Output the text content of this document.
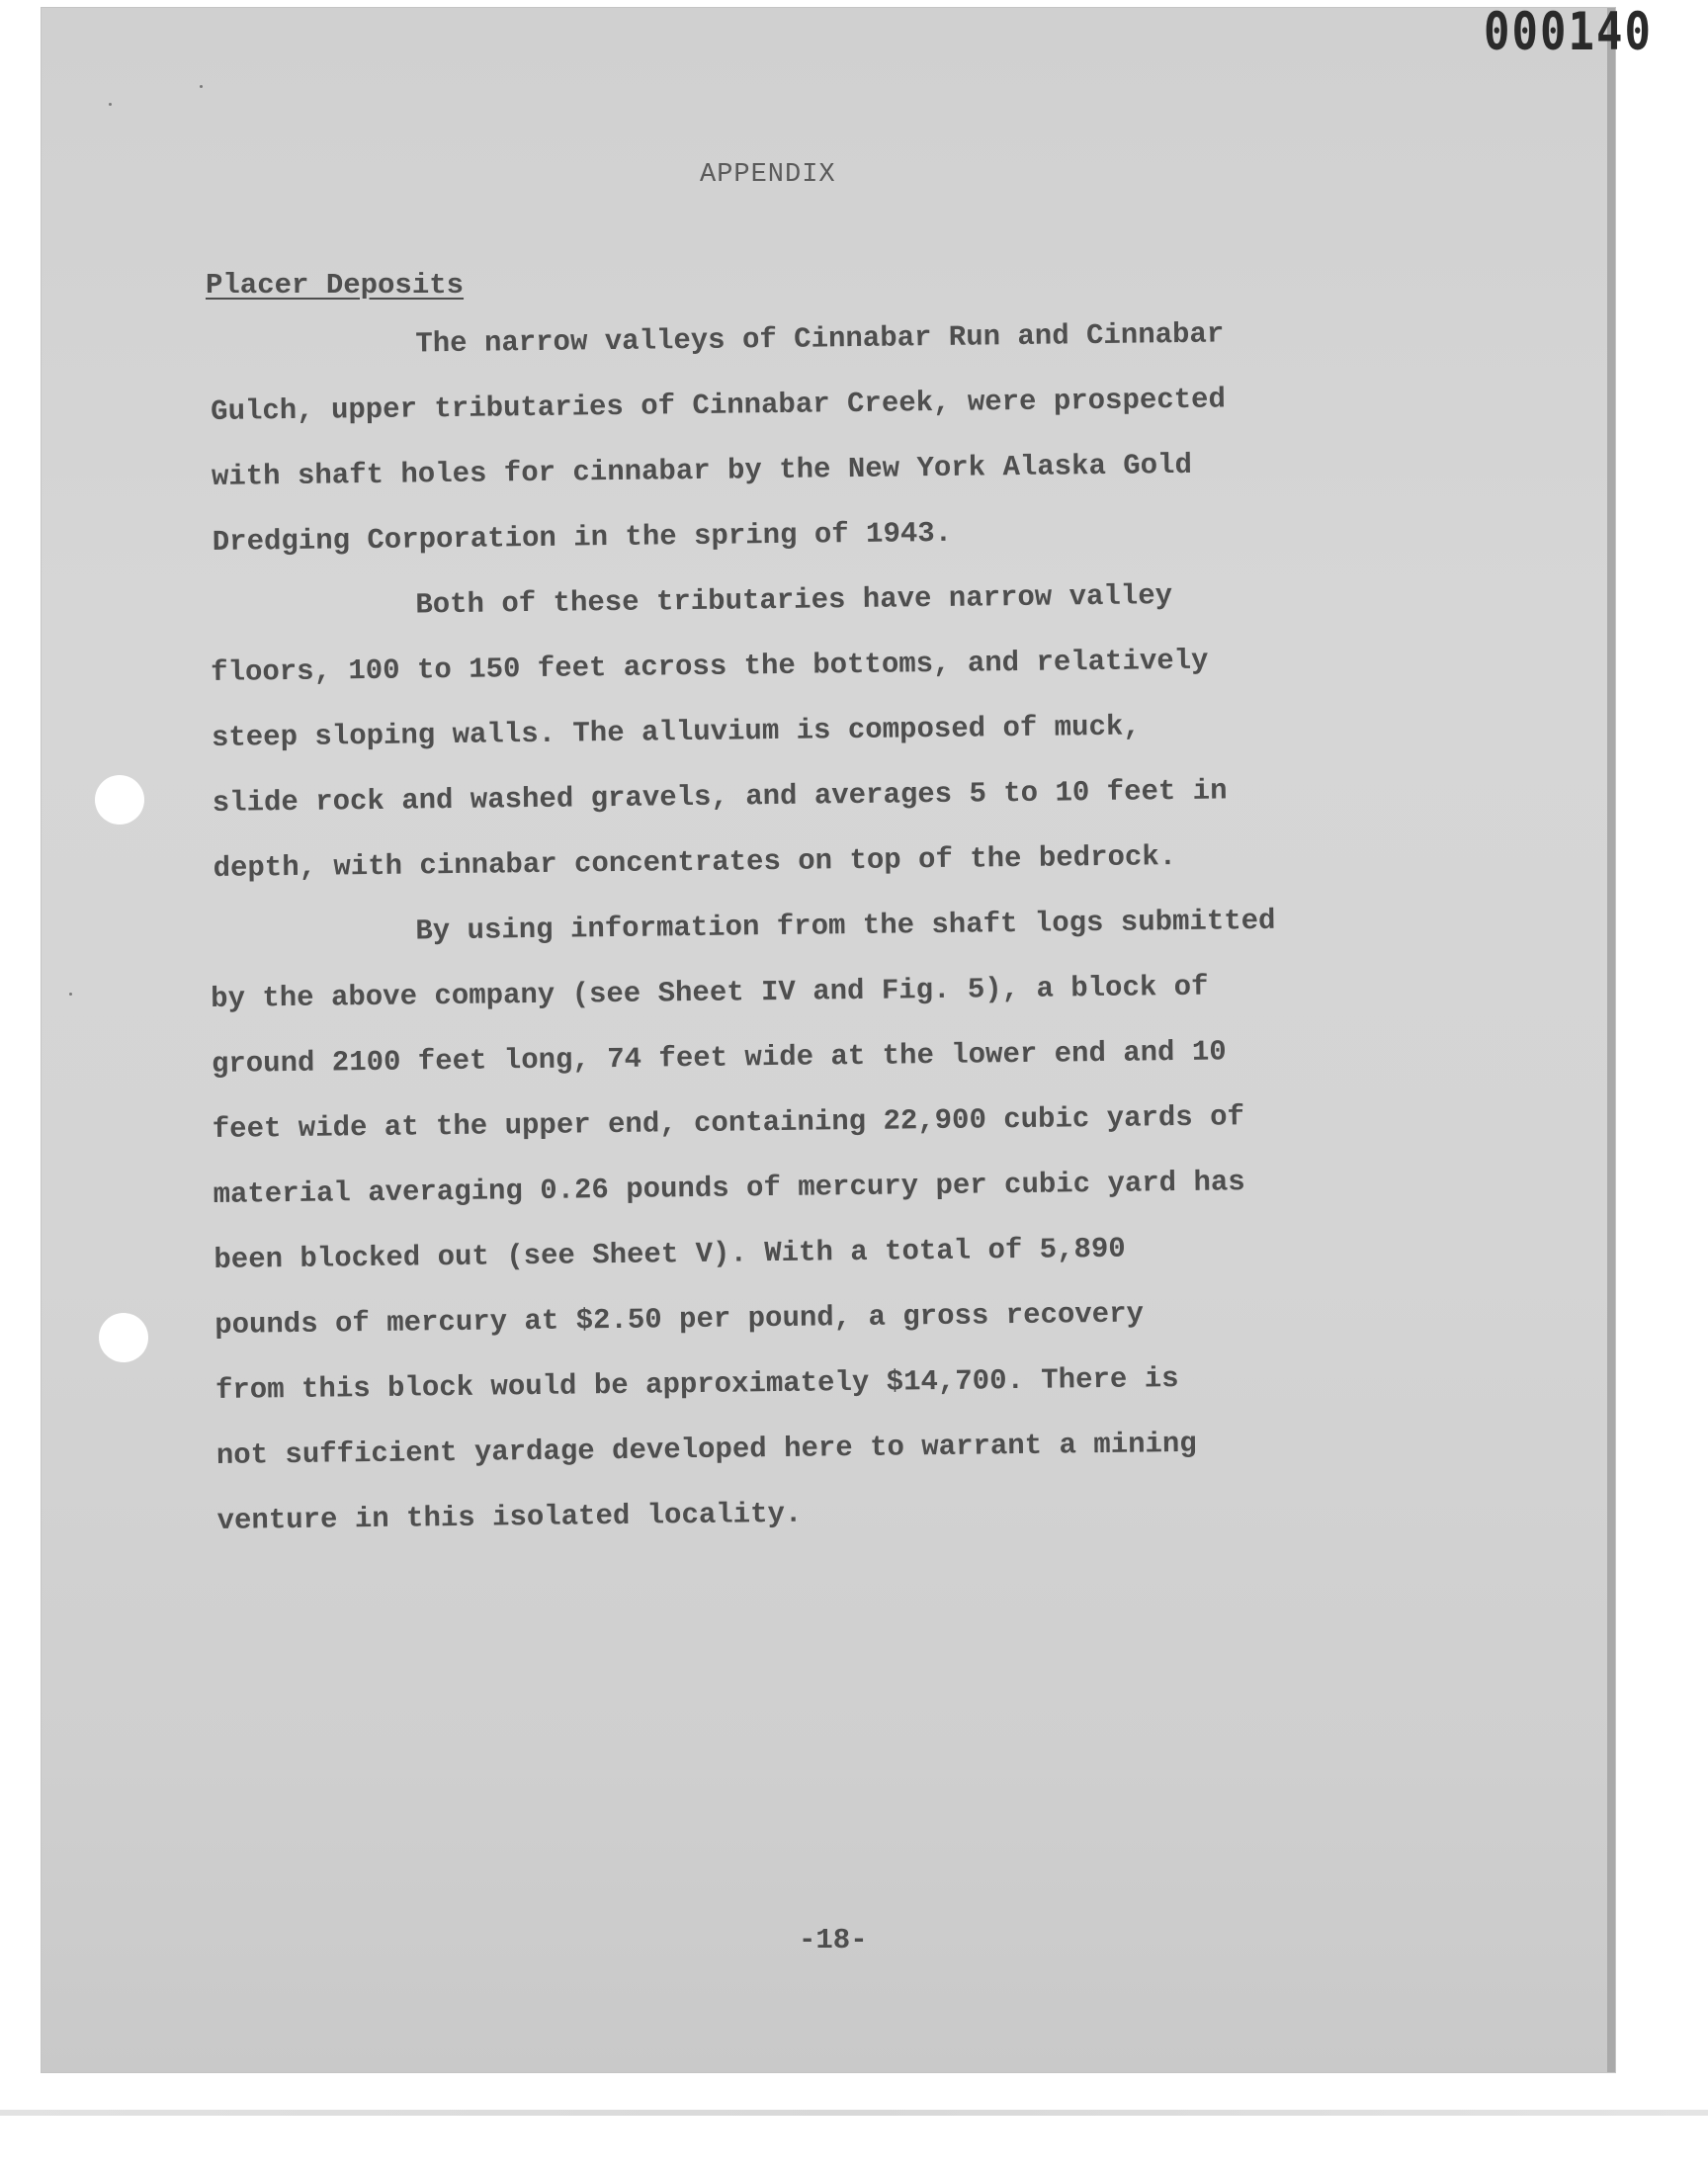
000140
APPENDIX
Placer Deposits

The narrow valleys of Cinnabar Run and Cinnabar
Gulch, upper tributaries of Cinnabar Creek, were prospected
with shaft holes for cinnabar by the New York Alaska Gold
Dredging Corporation in the spring of 1943.

Both of these tributaries have narrow valley
floors, 100 to 150 feet across the bottoms, and relatively
steep sloping walls. The alluvium is composed of muck,
slide rock and washed gravels, and averages 5 to 10 feet in
depth, with cinnabar concentrates on top of the bedrock.

By using information from the shaft logs submitted
by the above company (see Sheet IV and Fig. 5), a block of
ground 2100 feet long, 74 feet wide at the lower end and 10
feet wide at the upper end, containing 22,900 cubic yards of
material averaging 0.26 pounds of mercury per cubic yard has
been blocked out (see Sheet V). With a total of 5,890
pounds of mercury at $2.50 per pound, a gross recovery
from this block would be approximately $14,700. There is
not sufficient yardage developed here to warrant a mining
venture in this isolated locality.

-18-
